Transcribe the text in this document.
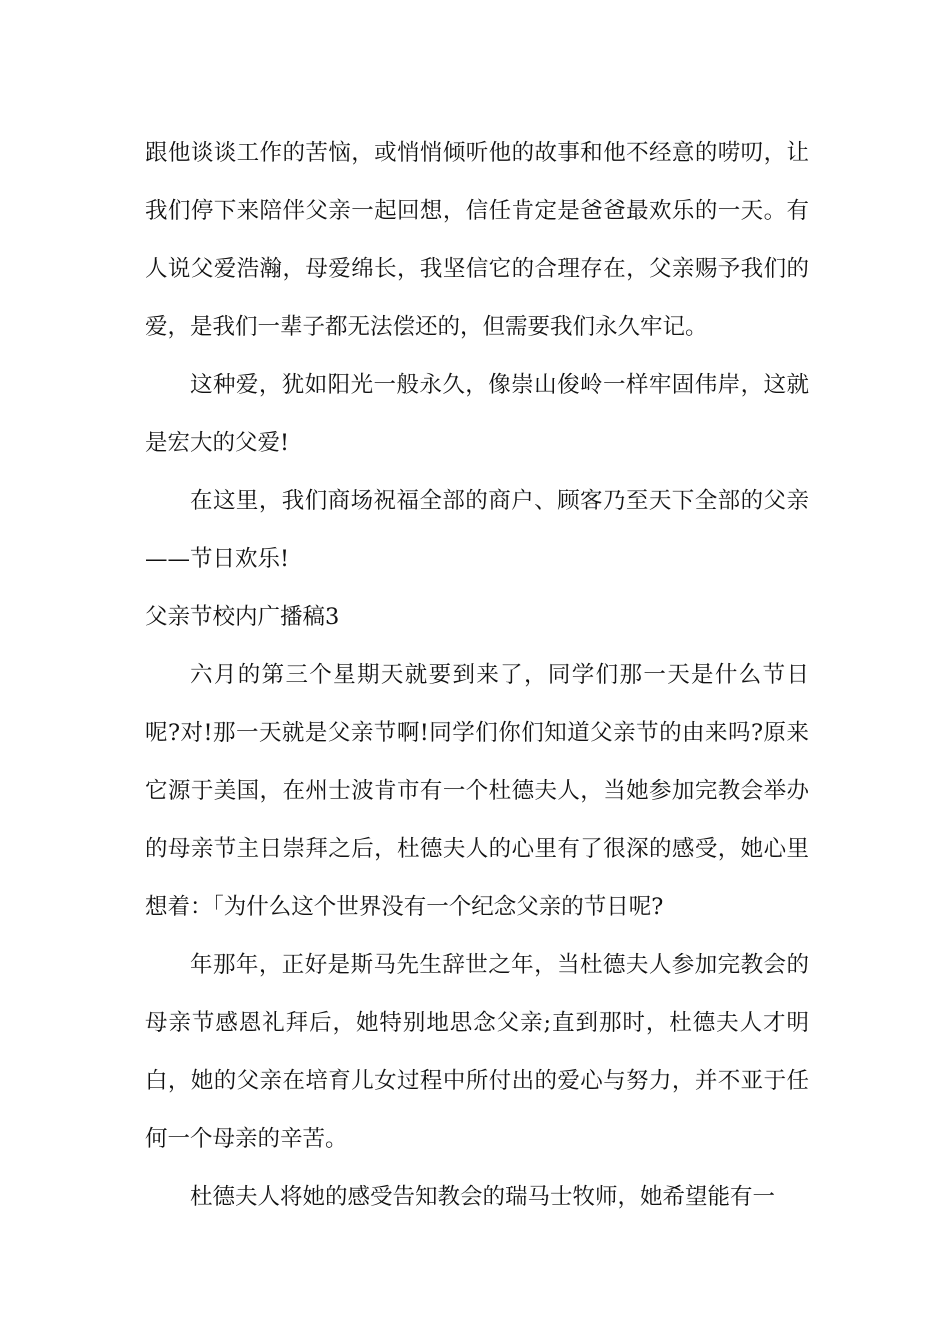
跟他谈谈工作的苦恼，或悄悄倾听他的故事和他不经意的唠叨，让我们停下来陪伴父亲一起回想，信任肯定是爸爸最欢乐的一天。有人说父爱浩瀚，母爱绵长，我坚信它的合理存在，父亲赐予我们的爱，是我们一辈子都无法偿还的，但需要我们永久牢记。

这种爱，犹如阳光一般永久，像崇山俊岭一样牢固伟岸，这就是宏大的父爱!

在这里，我们商场祝福全部的商户、顾客乃至天下全部的父亲——节日欢乐!

父亲节校内广播稿3

六月的第三个星期天就要到来了，同学们那一天是什么节日呢?对!那一天就是父亲节啊!同学们你们知道父亲节的由来吗?原来它源于美国，在州士波肯市有一个杜德夫人，当她参加完教会举办的母亲节主日崇拜之后，杜德夫人的心里有了很深的感受，她心里想着：「为什么这个世界没有一个纪念父亲的节日呢?

年那年，正好是斯马先生辞世之年，当杜德夫人参加完教会的母亲节感恩礼拜后，她特别地思念父亲;直到那时，杜德夫人才明白，她的父亲在培育儿女过程中所付出的爱心与努力，并不亚于任何一个母亲的辛苦。

杜德夫人将她的感受告知教会的瑞马士牧师，她希望能有一
